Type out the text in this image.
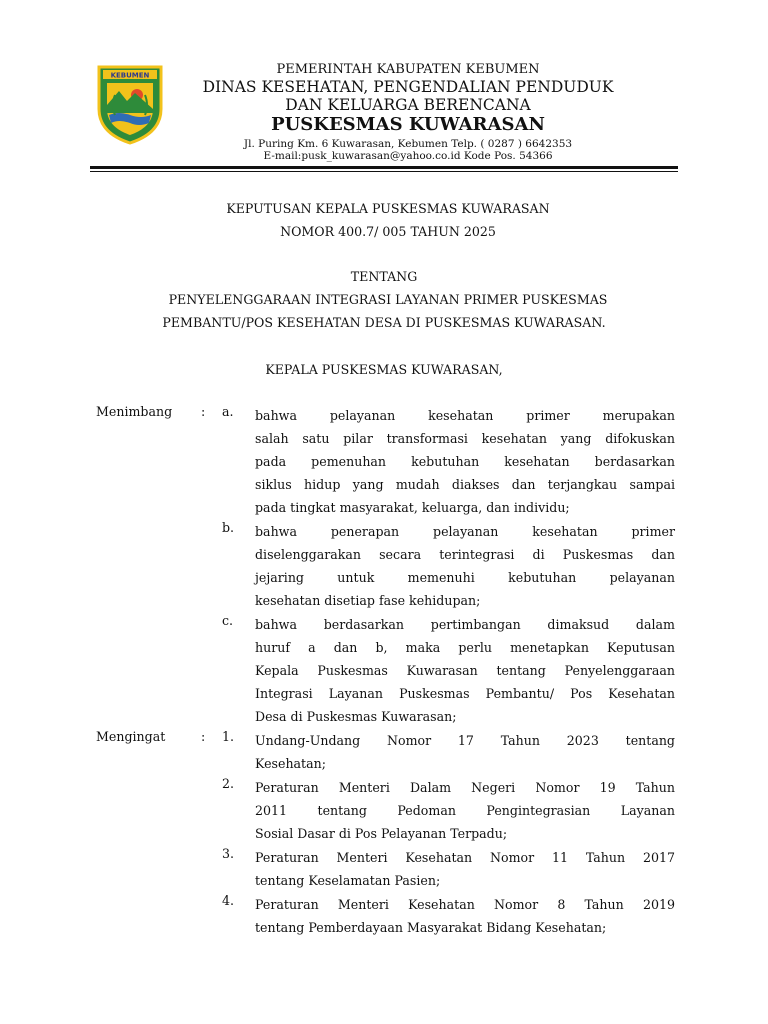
KEBUMEN	PEMERINTAH KABUPATEN KEBUMEN
DINAS KESEHATAN, PENGENDALIAN PENDUDUK
DAN KELUARGA BERENCANA
PUSKESMAS KUWARASAN
Jl. Puring Km. 6 Kuwarasan, Kebumen Telp. ( 0287 ) 6642353
E-mail:pusk_kuwarasan@yahoo.co.id Kode Pos. 54366
KEPUTUSAN KEPALA PUSKESMAS KUWARASAN
NOMOR 400.7/ 005 TAHUN 2025
TENTANG
PENYELENGGARAAN INTEGRASI LAYANAN PRIMER PUSKESMAS
PEMBANTU/POS KESEHATAN DESA DI PUSKESMAS KUWARASAN.
KEPALA PUSKESMAS KUWARASAN,
Menimbang : a. bahwa pelayanan kesehatan primer merupakan
salah satu pilar transformasi kesehatan yang difokuskan
pada pemenuhan kebutuhan kesehatan berdasarkan
siklus hidup yang mudah diakses dan terjangkau sampai
pada tingkat masyarakat, keluarga, dan individu;
b. bahwa penerapan pelayanan kesehatan primer
diselenggarakan secara terintegrasi di Puskesmas dan
jejaring untuk memenuhi kebutuhan pelayanan
kesehatan disetiap fase kehidupan;
c. bahwa berdasarkan pertimbangan dimaksud dalam
huruf a dan b, maka perlu menetapkan Keputusan
Kepala Puskesmas Kuwarasan tentang Penyelenggaraan
Integrasi Layanan Puskesmas Pembantu/ Pos Kesehatan
Desa di Puskesmas Kuwarasan;
Mengingat	: 1. Undang-Undang Nomor 17 Tahun 2023 tentang
Kesehatan;
2. Peraturan Menteri Dalam Negeri Nomor 19 Tahun
2011 tentang Pedoman Pengintegrasian Layanan
Sosial Dasar di Pos Pelayanan Terpadu;
3. Peraturan Menteri Kesehatan Nomor 11 Tahun 2017
tentang Keselamatan Pasien;
4. Peraturan Menteri Kesehatan Nomor 8 Tahun 2019
tentang Pemberdayaan Masyarakat Bidang Kesehatan;
